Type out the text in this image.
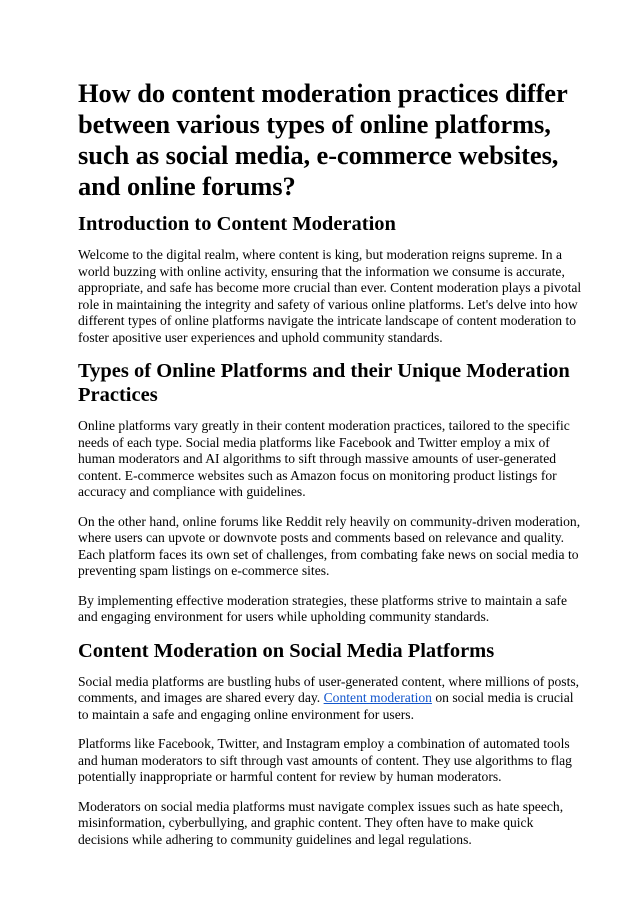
How do content moderation practices differ between various types of online platforms, such as social media, e-commerce websites, and online forums?
Introduction to Content Moderation

Welcome to the digital realm, where content is king, but moderation reigns supreme. In a world buzzing with online activity, ensuring that the information we consume is accurate, appropriate, and safe has become more crucial than ever. Content moderation plays a pivotal role in maintaining the integrity and safety of various online platforms. Let's delve into how different types of online platforms navigate the intricate landscape of content moderation to foster apositive user experiences and uphold community standards.

Types of Online Platforms and their Unique Moderation Practices

Online platforms vary greatly in their content moderation practices, tailored to the specific needs of each type. Social media platforms like Facebook and Twitter employ a mix of human moderators and AI algorithms to sift through massive amounts of user-generated content. E-commerce websites such as Amazon focus on monitoring product listings for accuracy and compliance with guidelines.

On the other hand, online forums like Reddit rely heavily on community-driven moderation, where users can upvote or downvote posts and comments based on relevance and quality. Each platform faces its own set of challenges, from combating fake news on social media to preventing spam listings on e-commerce sites.

By implementing effective moderation strategies, these platforms strive to maintain a safe and engaging environment for users while upholding community standards.

Content Moderation on Social Media Platforms

Social media platforms are bustling hubs of user-generated content, where millions of posts, comments, and images are shared every day. Content moderation on social media is crucial to maintain a safe and engaging online environment for users.

Platforms like Facebook, Twitter, and Instagram employ a combination of automated tools and human moderators to sift through vast amounts of content. They use algorithms to flag potentially inappropriate or harmful content for review by human moderators.

Moderators on social media platforms must navigate complex issues such as hate speech, misinformation, cyberbullying, and graphic content. They often have to make quick decisions while adhering to community guidelines and legal regulations.
